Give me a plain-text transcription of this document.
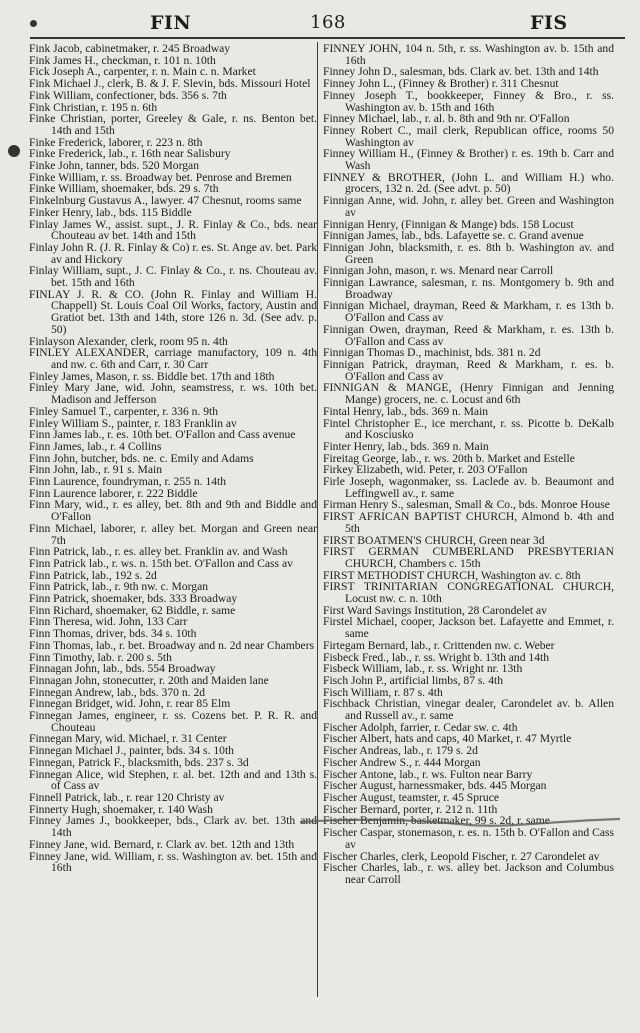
FIN	168	FIS

Fink Jacob, cabinetmaker, r. 245 Broadway

Fink James H., checkman, r. 101 n. 10th

Fick Joseph A., carpenter, r. n. Main c. n. Market

Fink Michael J., clerk, B. & J. F. Slevin, bds. Missouri Hotel

Fink William, confectioner, bds. 356 s. 7th

Fink Christian, r. 195 n. 6th

Finke Christian, porter, Greeley & Gale, r. ns. Benton bet. 14th and 15th

Finke Frederick, laborer, r. 223 n. 8th

Finke Frederick, lab., r. 16th near Salisbury

Finke John, tanner, bds. 520 Morgan

Finke William, r. ss. Broadway bet. Penrose and Bremen

Finke William, shoemaker, bds. 29 s. 7th

Finkelnburg Gustavus A., lawyer. 47 Chesnut, rooms same

Finker Henry, lab., bds. 115 Biddle

Finlay James W., assist. supt., J. R. Finlay & Co., bds. near Chouteau av bet. 14th and 15th

Finlay John R. (J. R. Finlay & Co) r. es. St. Ange av. bet. Park av and Hickory

Finlay William, supt., J. C. Finlay & Co., r. ns. Chouteau av. bet. 15th and 16th

FINLAY J. R. & CO. (John R. Finlay and William H. Chappell) St. Louis Coal Oil Works, factory, Austin and Gratiot bet. 13th and 14th, store 126 n. 3d. (See adv. p. 50)

Finlayson Alexander, clerk, room 95 n. 4th

FINLEY ALEXANDER, carriage manufactory, 109 n. 4th and nw. c. 6th and Carr, r. 30 Carr

Finley James, Mason, r. ss. Biddle bet. 17th and 18th

Finley Mary Jane, wid. John, seamstress, r. ws. 10th bet. Madison and Jefferson

Finley Samuel T., carpenter, r. 336 n. 9th

Finley William S., painter, r. 183 Franklin av

Finn James lab., r. es. 10th bet. O'Fallon and Cass avenue

Finn James, lab., r. 4 Collins

Finn John, butcher, bds. ne. c. Emily and Adams

Finn John, lab., r. 91 s. Main

Finn Laurence, foundryman, r. 255 n. 14th

Finn Laurence laborer, r. 222 Biddle

Finn Mary, wid., r. es alley, bet. 8th and 9th and Biddle and O'Fallon

Finn Michael, laborer, r. alley bet. Morgan and Green near 7th

Finn Patrick, lab., r. es. alley bet. Franklin av. and Wash

Finn Patrick lab., r. ws. n. 15th bet. O'Fallon and Cass av

Finn Patrick, lab., 192 s. 2d

Finn Patrick, lab., r. 9th nw. c. Morgan

Finn Patrick, shoemaker, bds. 333 Broadway

Finn Richard, shoemaker, 62 Biddle, r. same

Finn Theresa, wid. John, 133 Carr

Finn Thomas, driver, bds. 34 s. 10th

Finn Thomas, lab., r. bet. Broadway and n. 2d near Chambers

Finn Timothy, lab. r. 200 s. 5th

Finnagan John, lab., bds. 554 Broadway

Finnagan John, stonecutter, r. 20th and Maiden lane

Finnegan Andrew, lab., bds. 370 n. 2d

Finnegan Bridget, wid. John, r. rear 85 Elm

Finnegan James, engineer, r. ss. Cozens bet. P. R. R. and Chouteau

Finnegan Mary, wid. Michael, r. 31 Center

Finnegan Michael J., painter, bds. 34 s. 10th

Finnegan, Patrick F., blacksmith, bds. 237 s. 3d

Finnegan Alice, wid Stephen, r. al. bet. 12th and and 13th s. of Cass av

Finnell Patrick, lab., r. rear 120 Christy av

Finnerty Hugh, shoemaker, r. 140 Wash

Finney James J., bookkeeper, bds., Clark av. bet. 13th and 14th

Finney Jane, wid. Bernard, r. Clark av. bet. 12th and 13th

Finney Jane, wid. William, r. ss. Washington av. bet. 15th and 16th

FINNEY JOHN, 104 n. 5th, r. ss. Washington av. b. 15th and 16th

Finney John D., salesman, bds. Clark av. bet. 13th and 14th

Finney John L., (Finney & Brother) r. 311 Chesnut

Finney Joseph T., bookkeeper, Finney & Bro., r. ss. Washington av. b. 15th and 16th

Finney Michael, lab., r. al. b. 8th and 9th nr. O'Fallon

Finney Robert C., mail clerk, Republican office, rooms 50 Washington av

Finney William H., (Finney & Brother) r. es. 19th b. Carr and Wash

FINNEY & BROTHER, (John L. and William H.) who. grocers, 132 n. 2d. (See advt. p. 50)

Finnigan Anne, wid. John, r. alley bet. Green and Washington av

Finnigan Henry, (Finnigan & Mange) bds. 158 Locust

Finnigan James, lab., bds. Lafayette se. c. Grand avenue

Finnigan John, blacksmith, r. es. 8th b. Washington av. and Green

Finnigan John, mason, r. ws. Menard near Carroll

Finnigan Lawrance, salesman, r. ns. Montgomery b. 9th and Broadway

Finnigan Michael, drayman, Reed & Markham, r. es 13th b. O'Fallon and Cass av

Finnigan Owen, drayman, Reed & Markham, r. es. 13th b. O'Fallon and Cass av

Finnigan Thomas D., machinist, bds. 381 n. 2d

Finnigan Patrick, drayman, Reed & Markham, r. es. b. O'Fallon and Cass av

FINNIGAN & MANGE, (Henry Finnigan and Jenning Mange) grocers, ne. c. Locust and 6th

Fintal Henry, lab., bds. 369 n. Main

Fintel Christopher E., ice merchant, r. ss. Picotte b. DeKalb and Kosciusko

Finter Henry, lab., bds. 369 n. Main

Fireitag George, lab., r. ws. 20th b. Market and Estelle

Firkey Elizabeth, wid. Peter, r. 203 O'Fallon

Firle Joseph, wagonmaker, ss. Laclede av. b. Beaumont and Leffingwell av., r. same

Firman Henry S., salesman, Small & Co., bds. Monroe House

FIRST AFRICAN BAPTIST CHURCH, Almond b. 4th and 5th

FIRST BOATMEN'S CHURCH, Green near 3d

FIRST GERMAN CUMBERLAND PRESBYTERIAN CHURCH, Chambers c. 15th

FIRST METHODIST CHURCH, Washington av. c. 8th

FIRST TRINITARIAN CONGREGATIONAL CHURCH, Locust nw. c. n. 10th

First Ward Savings Institution, 28 Carondelet av

Firstel Michael, cooper, Jackson bet. Lafayette and Emmet, r. same

Firtegam Bernard, lab., r. Crittenden nw. c. Weber

Fisbeck Fred., lab., r. ss. Wright b. 13th and 14th

Fisbeck William, lab., r. ss. Wright nr. 13th

Fisch John P., artificial limbs, 87 s. 4th

Fisch William, r. 87 s. 4th

Fischback Christian, vinegar dealer, Carondelet av. b. Allen and Russell av., r. same

Fischer Adolph, farrier, r. Cedar sw. c. 4th

Fischer Albert, hats and caps, 40 Market, r. 47 Myrtle

Fischer Andreas, lab., r. 179 s. 2d

Fischer Andrew S., r. 444 Morgan

Fischer Antone, lab., r. ws. Fulton near Barry

Fischer August, harnessmaker, bds. 445 Morgan

Fischer August, teamster, r. 45 Spruce

Fischer Bernard, porter, r. 212 n. 11th

Fischer Benjamin, basketmaker, 99 s. 2d, r. same

Fischer Caspar, stonemason, r. es. n. 15th b. O'Fallon and Cass av

Fischer Charles, clerk, Leopold Fischer, r. 27 Carondelet av

Fischer Charles, lab., r. ws. alley bet. Jackson and Columbus near Carroll
